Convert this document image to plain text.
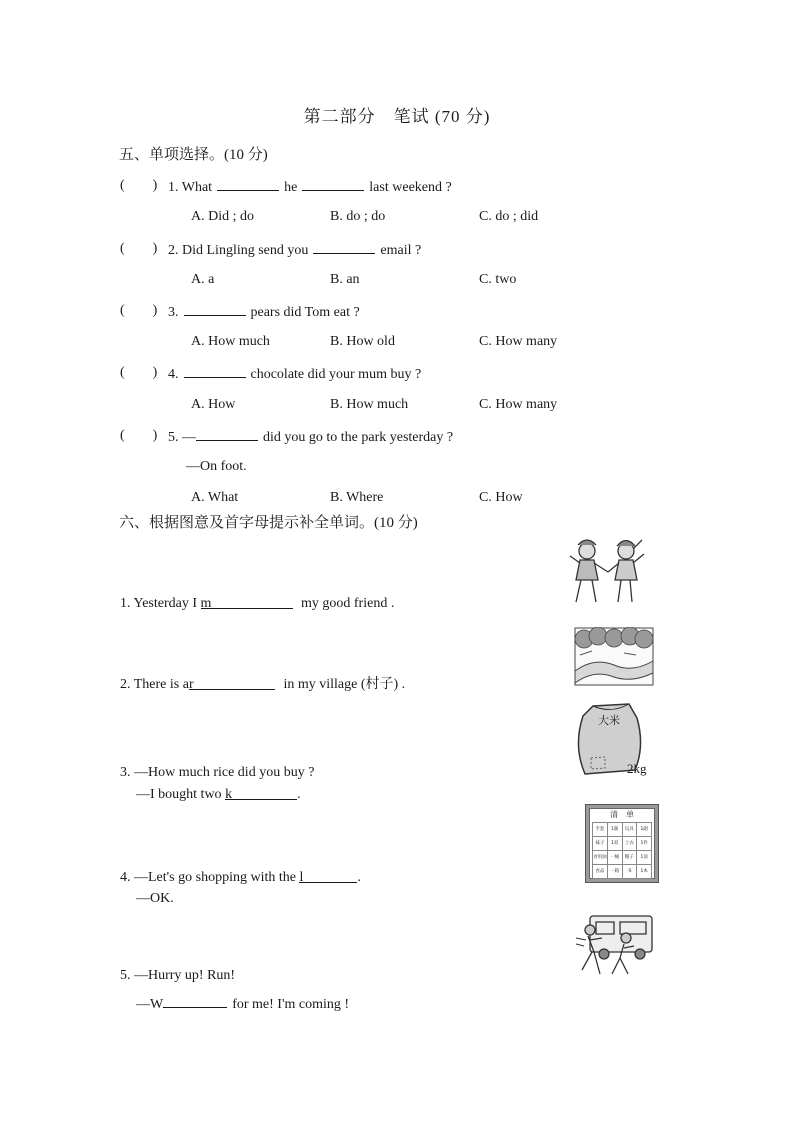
第二部分　笔试 (70 分)
五、单项选择。(10 分)
(　　) 1. What	he	last weekend ?
A. Did ; do	B. do ; do	C. do ; did
(　　) 2. Did Lingling send you	email ?
A. a	B. an	C. two
(　　) 3.	pears did Tom eat ?
A. How much	B. How old	C. How many
(　　) 4.	chocolate did your mum buy ?
A. How	B. How much	C. How many
(　　) 5. —	did you go to the park yesterday ?
—On foot.
A. What	B. Where	C. How
六、根据图意及首字母提示补全单词。(10 分)
1. Yesterday I m	my good friend .
2. There is ar	in my village (村子) .
3. —How much rice did you buy ?
—I bought two k	.
4. —Let's go shopping with the l	.
—OK.
5. —Hurry up! Run!
—W	for me! I'm coming !
大米
2kg
清　单
手套	1副	玩具	1副
袜子	1双	上衣	1件
食用油 一桶	帽子	1顶
食品	一箱	书	1本
